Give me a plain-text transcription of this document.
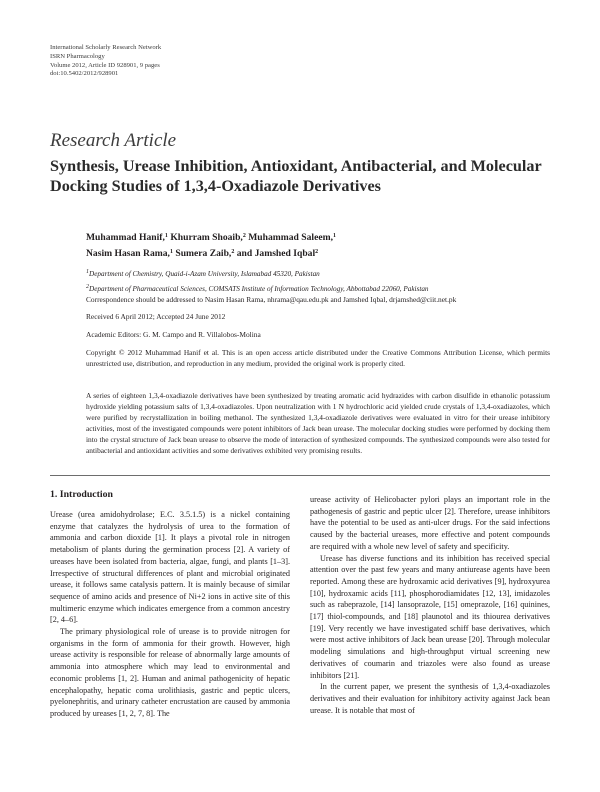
International Scholarly Research Network
ISRN Pharmacology
Volume 2012, Article ID 928901, 9 pages
doi:10.5402/2012/928901
Research Article
Synthesis, Urease Inhibition, Antioxidant, Antibacterial, and Molecular Docking Studies of 1,3,4-Oxadiazole Derivatives
Muhammad Hanif,$^1$ Khurram Shoaib,$^2$ Muhammad Saleem,$^1$
Nasim Hasan Rama,$^1$ Sumera Zaib,$^2$ and Jamshed Iqbal$^2$
$^1$Department of Chemistry, Quaid-i-Azam University, Islamabad 45320, Pakistan
$^2$Department of Pharmaceutical Sciences, COMSATS Institute of Information Technology, Abbottabad 22060, Pakistan
Correspondence should be addressed to Nasim Hasan Rama, nhrama@qau.edu.pk and Jamshed Iqbal, drjamshed@ciit.net.pk
Received 6 April 2012; Accepted 24 June 2012
Academic Editors: G. M. Campo and R. Villalobos-Molina
Copyright © 2012 Muhammad Hanif et al. This is an open access article distributed under the Creative Commons Attribution License, which permits unrestricted use, distribution, and reproduction in any medium, provided the original work is properly cited.
A series of eighteen 1,3,4-oxadiazole derivatives have been synthesized by treating aromatic acid hydrazides with carbon disulfide in ethanolic potassium hydroxide yielding potassium salts of 1,3,4-oxadiazoles. Upon neutralization with 1 N hydrochloric acid yielded crude crystals of 1,3,4-oxadiazoles, which were purified by recrystallization in boiling methanol. The synthesized 1,3,4-oxadiazole derivatives were evaluated in vitro for their urease inhibitory activities, most of the investigated compounds were potent inhibitors of Jack bean urease. The molecular docking studies were performed by docking them into the crystal structure of Jack bean urease to observe the mode of interaction of synthesized compounds. The synthesized compounds were also tested for antibacterial and antioxidant activities and some derivatives exhibited very promising results.
1. Introduction

Urease (urea amidohydrolase; E.C. 3.5.1.5) is a nickel containing enzyme that catalyzes the hydrolysis of urea to the formation of ammonia and carbon dioxide [1]. It plays a pivotal role in nitrogen metabolism of plants during the germination process [2]. A variety of ureases have been isolated from bacteria, algae, fungi, and plants [1–3]. Irrespective of structural differences of plant and microbial originated urease, it follows same catalysis pattern. It is mainly because of similar sequence of amino acids and presence of Ni+2 ions in active site of this multimeric enzyme which indicates emergence from a common ancestry [2, 4–6].

The primary physiological role of urease is to provide nitrogen for organisms in the form of ammonia for their growth. However, high urease activity is responsible for release of abnormally large amounts of ammonia into atmosphere which may lead to environmental and economic problems [1, 2]. Human and animal pathogenicity of hepatic encephalopathy, hepatic coma urolithiasis, gastric and peptic ulcers, pyelonephritis, and urinary catheter encrustation are caused by ammonia produced by ureases [1, 2, 7, 8]. The

urease activity of Helicobacter pylori plays an important role in the pathogenesis of gastric and peptic ulcer [2]. Therefore, urease inhibitors have the potential to be used as anti-ulcer drugs. For the said infections caused by the bacterial ureases, more effective and potent compounds are required with a whole new level of safety and specificity.

Urease has diverse functions and its inhibition has received special attention over the past few years and many antiurease agents have been reported. Among these are hydroxamic acid derivatives [9], hydroxyurea [10], hydroxamic acids [11], phosphorodiamidates [12, 13], imidazoles such as rabeprazole, [14] lansoprazole, [15] omeprazole, [16] quinines, [17] thiol-compounds, and [18] plaunotol and its thiourea derivatives [19]. Very recently we have investigated schiff base derivatives, which were most active inhibitors of Jack bean urease [20]. Through molecular modeling simulations and high-throughput virtual screening new derivatives of coumarin and triazoles were also found as urease inhibitors [21].

In the current paper, we present the synthesis of 1,3,4-oxadiazoles derivatives and their evaluation for inhibitory activity against Jack bean urease. It is notable that most of
